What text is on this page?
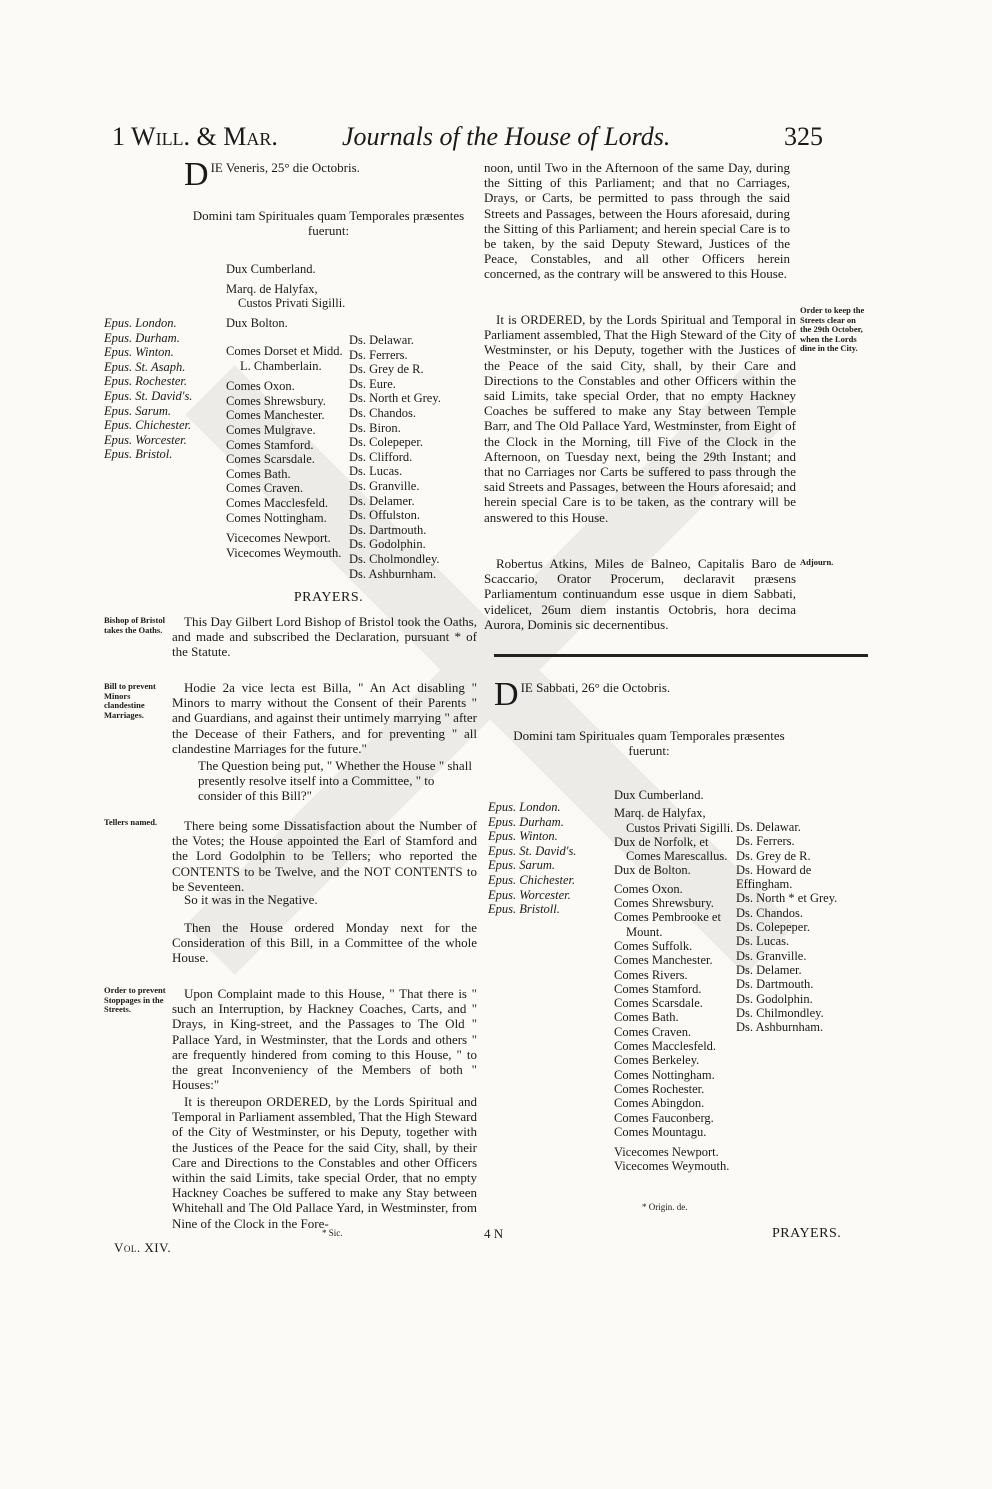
1 Will. & Mar. Journals of the House of Lords.	325
D IE Veneris, 25° die Octobris.
Domini tam Spirituales quam Temporales præsentes fuerunt:
Epus. London.
Epus. Durham.
Epus. Winton.
Epus. St. Asaph.
Epus. Rochester.
Epus. St. David's.
Epus. Sarum.
Epus. Chichester.
Epus. Worcester.
Epus. Bristol.
Dux Cumberland.
Marq. de Halyfax,
Custos Privati Sigilli.
Dux Bolton.
Comes Dorset et Midd.
L. Chamberlain.
Comes Oxon.
Comes Shrewsbury.
Comes Manchester.
Comes Mulgrave.
Comes Stamford.
Comes Scarsdale.
Comes Bath.
Comes Craven.
Comes Macclesfeld.
Comes Nottingham.
Vicecomes Newport.
Vicecomes Weymouth.
Ds. Delawar.
Ds. Ferrers.
Ds. Grey de R.
Ds. Eure.
Ds. North et Grey.
Ds. Chandos.
Ds. Biron.
Ds. Colepeper.
Ds. Clifford.
Ds. Lucas.
Ds. Granville.
Ds. Delamer.
Ds. Offulston.
Ds. Dartmouth.
Ds. Godolphin.
Ds. Cholmondley.
Ds. Ashburnham.
PRAYERS.
Bishop of Bristol takes the Oaths.
This Day Gilbert Lord Bishop of Bristol took the Oaths, and made and subscribed the Declaration, pursuant * of the Statute.
Bill to prevent Minors clandestine Marriages.
Hodie 2a vice lecta est Billa, " An Act disabling " Minors to marry without the Consent of their Parents " and Guardians, and against their untimely marrying " after the Decease of their Fathers, and for preventing " all clandestine Marriages for the future."
The Question being put, " Whether the House " shall presently resolve itself into a Committee, " to consider of this Bill?"
Tellers named.	There being some Dissatisfaction about the Number of the Votes; the House appointed the Earl of Stamford and the Lord Godolphin to be Tellers; who reported the CONTENTS to be Twelve, and the NOT CONTENTS to be Seventeen.
So it was in the Negative.
Then the House ordered Monday next for the Consideration of this Bill, in a Committee of the whole House.
Order to prevent Stoppages in the Streets.
Upon Complaint made to this House, " That there is " such an Interruption, by Hackney Coaches, Carts, and " Drays, in King-street, and the Passages to The Old " Pallace Yard, in Westminster, that the Lords and others " are frequently hindered from coming to this House, " to the great Inconveniency of the Members of both " Houses:"
It is thereupon ORDERED, by the Lords Spiritual and Temporal in Parliament assembled, That the High Steward of the City of Westminster, or his Deputy, together with the Justices of the Peace for the said City, shall, by their Care and Directions to the Constables and other Officers within the said Limits, take special Order, that no empty Hackney Coaches be suffered to make any Stay between Whitehall and The Old Pallace Yard, in Westminster, from Nine of the Clock in the Fore-
* Sic.
Vol. XIV.
noon, until Two in the Afternoon of the same Day, during the Sitting of this Parliament; and that no Carriages, Drays, or Carts, be permitted to pass through the said Streets and Passages, between the Hours aforesaid, during the Sitting of this Parliament; and herein special Care is to be taken, by the said Deputy Steward, Justices of the Peace, Constables, and all other Officers herein concerned, as the contrary will be answered to this House.
It is ORDERED, by the Lords Spiritual and Temporal in Parliament assembled, That the High Steward of the City of Westminster, or his Deputy, together with the Justices of the Peace of the said City, shall, by their Care and Directions to the Constables and other Officers within the said Limits, take special Order, that no empty Hackney Coaches be suffered to make any Stay between Temple Barr, and The Old Pallace Yard, Westminster, from Eight of the Clock in the Morning, till Five of the Clock in the Afternoon, on Tuesday next, being the 29th Instant; and that no Carriages nor Carts be suffered to pass through the said Streets and Passages, between the Hours aforesaid; and herein special Care is to be taken, as the contrary will be answered to this House.
Order to keep the Streets clear on the 29th October, when the Lords dine in the City.
Robertus Atkins, Miles de Balneo, Capitalis Baro de Scaccario, Orator Procerum, declaravit præsens Parliamentum continuandum esse usque in diem Sabbati, videlicet, 26um diem instantis Octobris, hora decima Aurora, Dominis sic decernentibus.
Adjourn.
D IE Sabbati, 26° die Octobris.
Domini tam Spirituales quam Temporales præsentes fuerunt:
Epus. London.
Epus. Durham.
Epus. Winton.
Epus. St. David's.
Epus. Sarum.
Epus. Chichester.
Epus. Worcester.
Epus. Bristoll.
Dux Cumberland.
Marq. de Halyfax,
Custos Privati Sigilli.
Dux de Norfolk, et
Comes Marescallus.
Dux de Bolton.
Comes Oxon.
Comes Shrewsbury.
Comes Pembrooke et
Mount.
Comes Suffolk.
Comes Manchester.
Comes Rivers.
Comes Stamford.
Comes Scarsdale.
Comes Bath.
Comes Craven.
Comes Macclesfeld.
Comes Berkeley.
Comes Nottingham.
Comes Rochester.
Comes Abingdon.
Comes Fauconberg.
Comes Mountagu.
Vicecomes Newport.
Vicecomes Weymouth.
Ds. Delawar.
Ds. Ferrers.
Ds. Grey de R.
Ds. Howard de Effingham.
Ds. North * et Grey.
Ds. Chandos.
Ds. Colepeper.
Ds. Lucas.
Ds. Granville.
Ds. Delamer.
Ds. Dartmouth.
Ds. Godolphin.
Ds. Chilmondley.
Ds. Ashburnham.
* Origin. de.
4 N	PRAYERS.
